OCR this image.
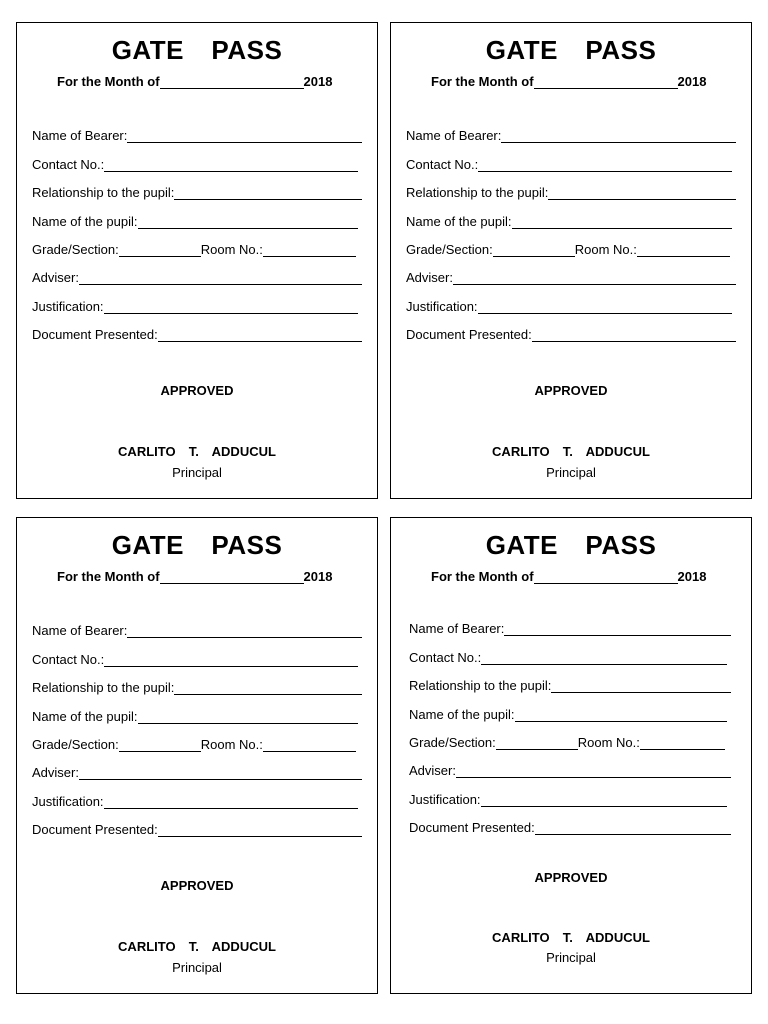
GATE  PASS
For the Month of	2018
Name of Bearer:
Contact No.:
Relationship to the pupil:
Name of the pupil:
Grade/Section:	Room No.:
Adviser:
Justification:
Document Presented:
APPROVED
CARLITO  T.  ADDUCUL
Principal
GATE  PASS
For the Month of	2018
Name of Bearer:
Contact No.:
Relationship to the pupil:
Name of the pupil:
Grade/Section:	Room No.:
Adviser:
Justification:
Document Presented:
APPROVED
CARLITO  T.  ADDUCUL
Principal
GATE  PASS
For the Month of	2018
Name of Bearer:
Contact No.:
Relationship to the pupil:
Name of the pupil:
Grade/Section:	Room No.:
Adviser:
Justification:
Document Presented:
APPROVED
CARLITO  T.  ADDUCUL
Principal
GATE  PASS
For the Month of	2018
Name of Bearer:
Contact No.:
Relationship to the pupil:
Name of the pupil:
Grade/Section:	Room No.:
Adviser:
Justification:
Document Presented:
APPROVED
CARLITO  T.  ADDUCUL
Principal
